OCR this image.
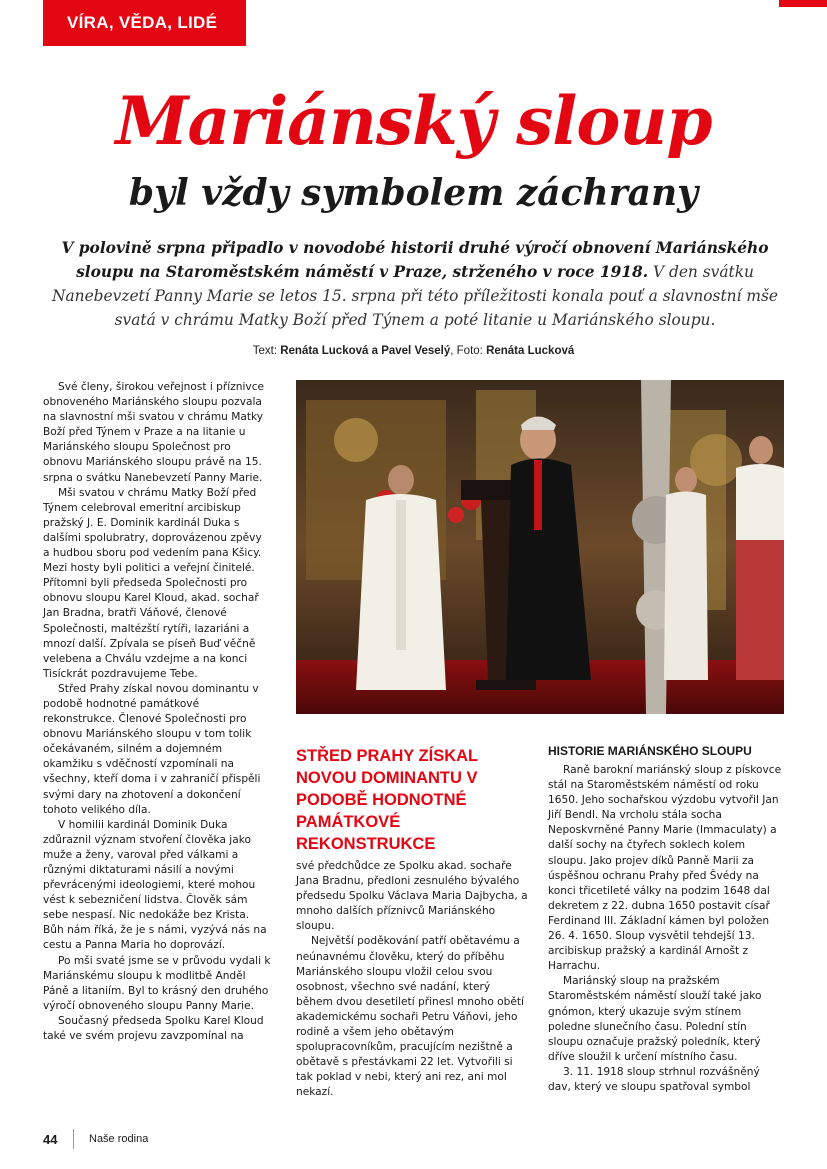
VÍRA, VĚDA, LIDÉ
Mariánský sloup
byl vždy symbolem záchrany

V polovině srpna připadlo v novodobé historii druhé výročí obnovení Mariánského sloupu na Staroměstském náměstí v Praze, strženého v roce 1918. V den svátku Nanebevzetí Panny Marie se letos 15. srpna při této příležitosti konala pouť a slavnostní mše svatá v chrámu Matky Boží před Týnem a poté litanie u Mariánského sloupu.

Text: Renáta Lucková a Pavel Veselý, Foto: Renáta Lucková

Své členy, širokou veřejnost i příznivce obnoveného Mariánského sloupu pozvala na slavnostní mši svatou v chrámu Matky Boží před Týnem v Praze a na litanie u Mariánského sloupu Společnost pro obnovu Mariánského sloupu právě na 15. srpna o svátku Nanebevzetí Panny Marie.

Mši svatou v chrámu Matky Boží před Týnem celebroval emeritní arcibiskup pražský J. E. Dominik kardinál Duka s dalšími spolubratry, doprovázenou zpěvy a hudbou sboru pod vedením pana Kšicy. Mezi hosty byli politici a veřejní činitelé. Přítomni byli předseda Společnosti pro obnovu sloupu Karel Kloud, akad. sochař Jan Bradna, bratři Váňové, členové Společnosti, maltézští rytíři, lazariáni a mnozí další. Zpívala se píseň Buď věčně velebena a Chválu vzdejme a na konci Tisíckrát pozdravujeme Tebe.

Střed Prahy získal novou dominantu v podobě hodnotné památkové rekonstrukce. Členové Společnosti pro obnovu Mariánského sloupu v tom tolik očekávaném, silném a dojemném okamžiku s vděčností vzpomínali na všechny, kteří doma i v zahraničí přispěli svými dary na zhotovení a dokončení tohoto velikého díla.

V homilii kardinál Dominik Duka zdůraznil význam stvoření člověka jako muže a ženy, varoval před válkami a různými diktaturami násilí a novými převrácenými ideologiemi, které mohou vést k sebezničení lidstva. Člověk sám sebe nespasí. Nic nedokáže bez Krista. Bůh nám říká, že je s námi, vyzývá nás na cestu a Panna Maria ho doprovází.

Po mši svaté jsme se v průvodu vydali k Mariánskému sloupu k modlitbě Anděl Páně a litaniím. Byl to krásný den druhého výročí obnoveného sloupu Panny Marie.

Současný předseda Spolku Karel Kloud také ve svém projevu zavzpomínal na

STŘED PRAHY ZÍSKAL NOVOU DOMINANTU V PODOBĚ HODNOTNÉ PAMÁTKOVÉ REKONSTRUKCE

své předchůdce ze Spolku akad. sochaře Jana Bradnu, předloni zesnulého bývalého předsedu Spolku Václava Maria Dajbycha, a mnoho dalších příznivců Mariánského sloupu.

Největší poděkování patří obětavému a neúnavnému člověku, který do příběhu Mariánského sloupu vložil celou svou osobnost, všechno své nadání, který během dvou desetiletí přinesl mnoho obětí akademickému sochaři Petru Váňovi, jeho rodině a všem jeho obětavým spolupracovníkům, pracujícím nezištně a obětavě s přestávkami 22 let. Vytvořili si tak poklad v nebi, který ani rez, ani mol nekazí.

HISTORIE MARIÁNSKÉHO SLOUPU

Raně barokní mariánský sloup z pískovce stál na Staroměstském náměstí od roku 1650. Jeho sochařskou výzdobu vytvořil Jan Jiří Bendl. Na vrcholu stála socha Neposkvrněné Panny Marie (Immaculaty) a další sochy na čtyřech soklech kolem sloupu. Jako projev díků Panně Marii za úspěšnou ochranu Prahy před Švédy na konci třicetileté války na podzim 1648 dal dekretem z 22. dubna 1650 postavit císař Ferdinand III. Základní kámen byl položen 26. 4. 1650. Sloup vysvětil tehdejší 13. arcibiskup pražský a kardinál Arnošt z Harrachu.

Mariánský sloup na pražském Staroměstském náměstí slouží také jako gnómon, který ukazuje svým stínem poledne slunečního času. Polední stín sloupu označuje pražský poledník, který dříve sloužil k určení místního času.

3. 11. 1918 sloup strhnul rozvášněný dav, který ve sloupu spatřoval symbol

44	Naše rodina
